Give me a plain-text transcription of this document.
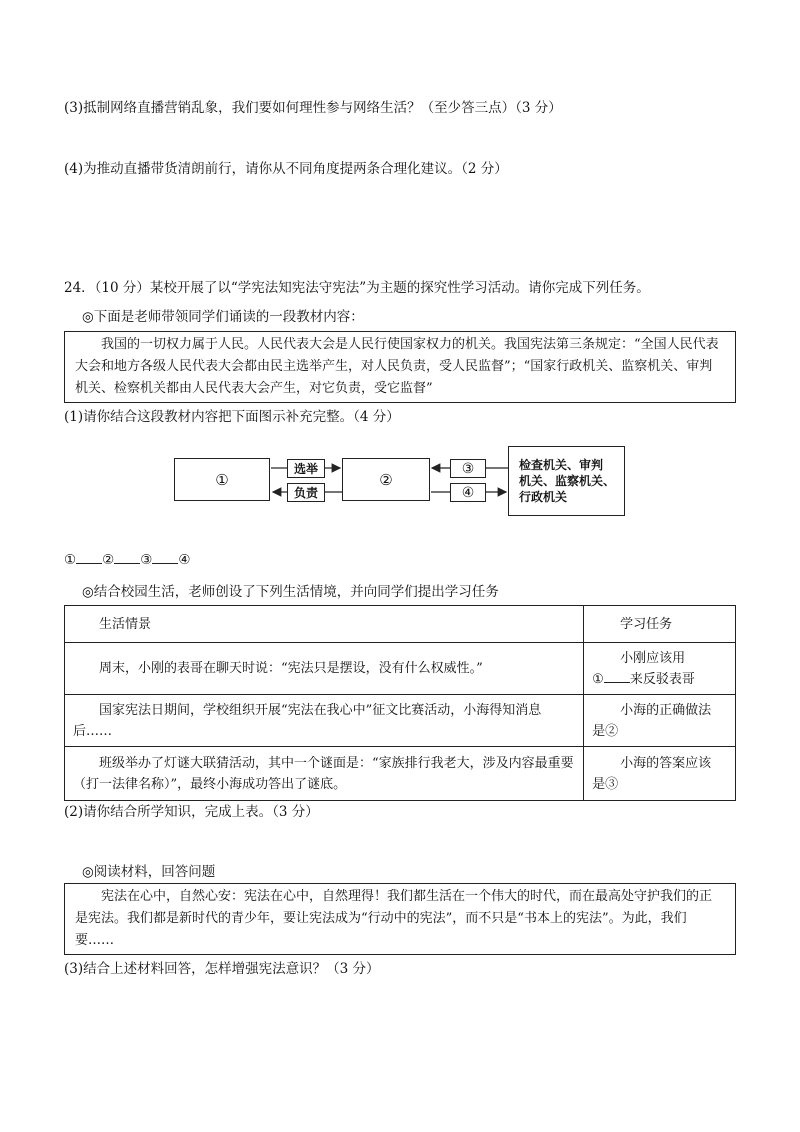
(3)抵制网络直播营销乱象，我们要如何理性参与网络生活？（至少答三点）（3 分）
(4)为推动直播带货清朗前行，请你从不同角度提两条合理化建议。（2 分）
24．（10 分）某校开展了以“学宪法知宪法守宪法”为主题的探究性学习活动。请你完成下列任务。
◎下面是老师带领同学们诵读的一段教材内容：
我国的一切权力属于人民。人民代表大会是人民行使国家权力的机关。我国宪法第三条规定：“全国人民代表大会和地方各级人民代表大会都由民主选举产生，对人民负责，受人民监督”；“国家行政机关、监察机关、审判机关、检察机关都由人民代表大会产生，对它负责，受它监督”
(1)请你结合这段教材内容把下面图示补充完整。（4 分）
①	②
选举
负责
③
④
检查机关、审判
机关、监察机关、
行政机关
① ② ③ ④
◎结合校园生活，老师创设了下列生活情境，并向同学们提出学习任务
生活情景	学习任务
周末，小刚的表哥在聊天时说：“宪法只是摆设，没有什么权威性。”	小刚应该用
① 来反驳表哥

国家宪法日期间，学校组织开展“宪法在我心中”征文比赛活动，小海得知消息后……	小海的正确做法
是②

班级举办了灯谜大联猜活动，其中一个谜面是：“家族排行我老大，涉及内容最重要（打一法律名称）”，最终小海成功答出了谜底。	小海的答案应该
是③
(2)请你结合所学知识，完成上表。（3 分）
◎阅读材料，回答问题
宪法在心中，自然心安：宪法在心中，自然理得！我们都生活在一个伟大的时代，而在最高处守护我们的正是宪法。我们都是新时代的青少年，要让宪法成为“行动中的宪法”，而不只是“书本上的宪法”。为此，我们要……
(3)结合上述材料回答，怎样增强宪法意识？（3 分）
